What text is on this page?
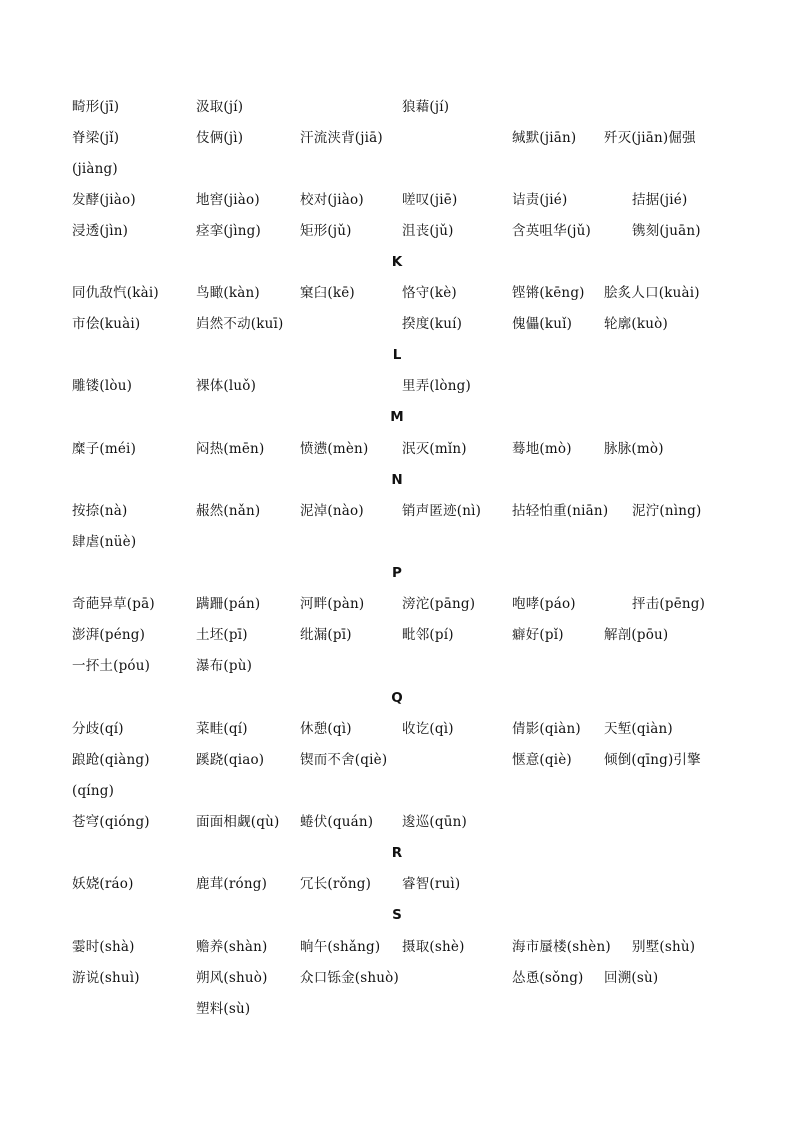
畸形(jī)	汲取(jí)	狼藉(jí)
脊梁(jǐ)	伎俩(jì)	汗流浃背(jiā)	缄默(jiān) 歼灭(jiān)倔强
(jiàng)
发酵(jiào)	地窖(jiào)	校对(jiào)	嗟叹(jiē)	诘责(jié)	拮据(jié)
浸透(jìn)	痉挛(jìng)	矩形(jǔ)	沮丧(jǔ)	含英咀华(jǔ)	镌刻(juān)
K
同仇敌忾(kài)	鸟瞰(kàn)	窠臼(kē)	恪守(kè)	铿锵(kēng) 脍炙人口(kuài)
市侩(kuài)	岿然不动(kuī)	揆度(kuí)	傀儡(kuǐ) 轮廓(kuò)
L
雕镂(lòu)	裸体(luǒ)	里弄(lòng)
M
糜子(méi)	闷热(mēn)	愤懑(mèn) 泯灭(mǐn)	蓦地(mò) 脉脉(mò)
N
按捺(nà)	赧然(nǎn)	泥淖(nào)	销声匿迹(nì) 拈轻怕重(niān) 泥泞(nìng)
肆虐(nüè)
P
奇葩异草(pā)	蹒跚(pán)	河畔(pàn)	滂沱(pāng)	咆哮(páo)	抨击(pēng)
澎湃(péng)	土坯(pī)	纰漏(pī)	毗邻(pí)	癖好(pǐ)	解剖(pōu)
一抔土(póu)	瀑布(pù)
Q
分歧(qí)	菜畦(qí)	休憩(qì)	收讫(qì)	倩影(qiàn) 天堑(qiàn)
踉跄(qiàng)	蹊跷(qiao)	锲而不舍(qiè)	惬意(qiè) 倾倒(qīng)引擎
(qíng)
苍穹(qióng)	面面相觑(qù) 蜷伏(quán) 逡巡(qūn)
R
妖娆(ráo)	鹿茸(róng) 冗长(rǒng) 睿智(ruì)
S
霎时(shà)	赡养(shàn) 晌午(shǎng) 摄取(shè)	海市蜃楼(shèn) 别墅(shù)
游说(shuì)	朔风(shuò) 众口铄金(shuò)	怂恿(sǒng) 回溯(sù)
塑料(sù)
